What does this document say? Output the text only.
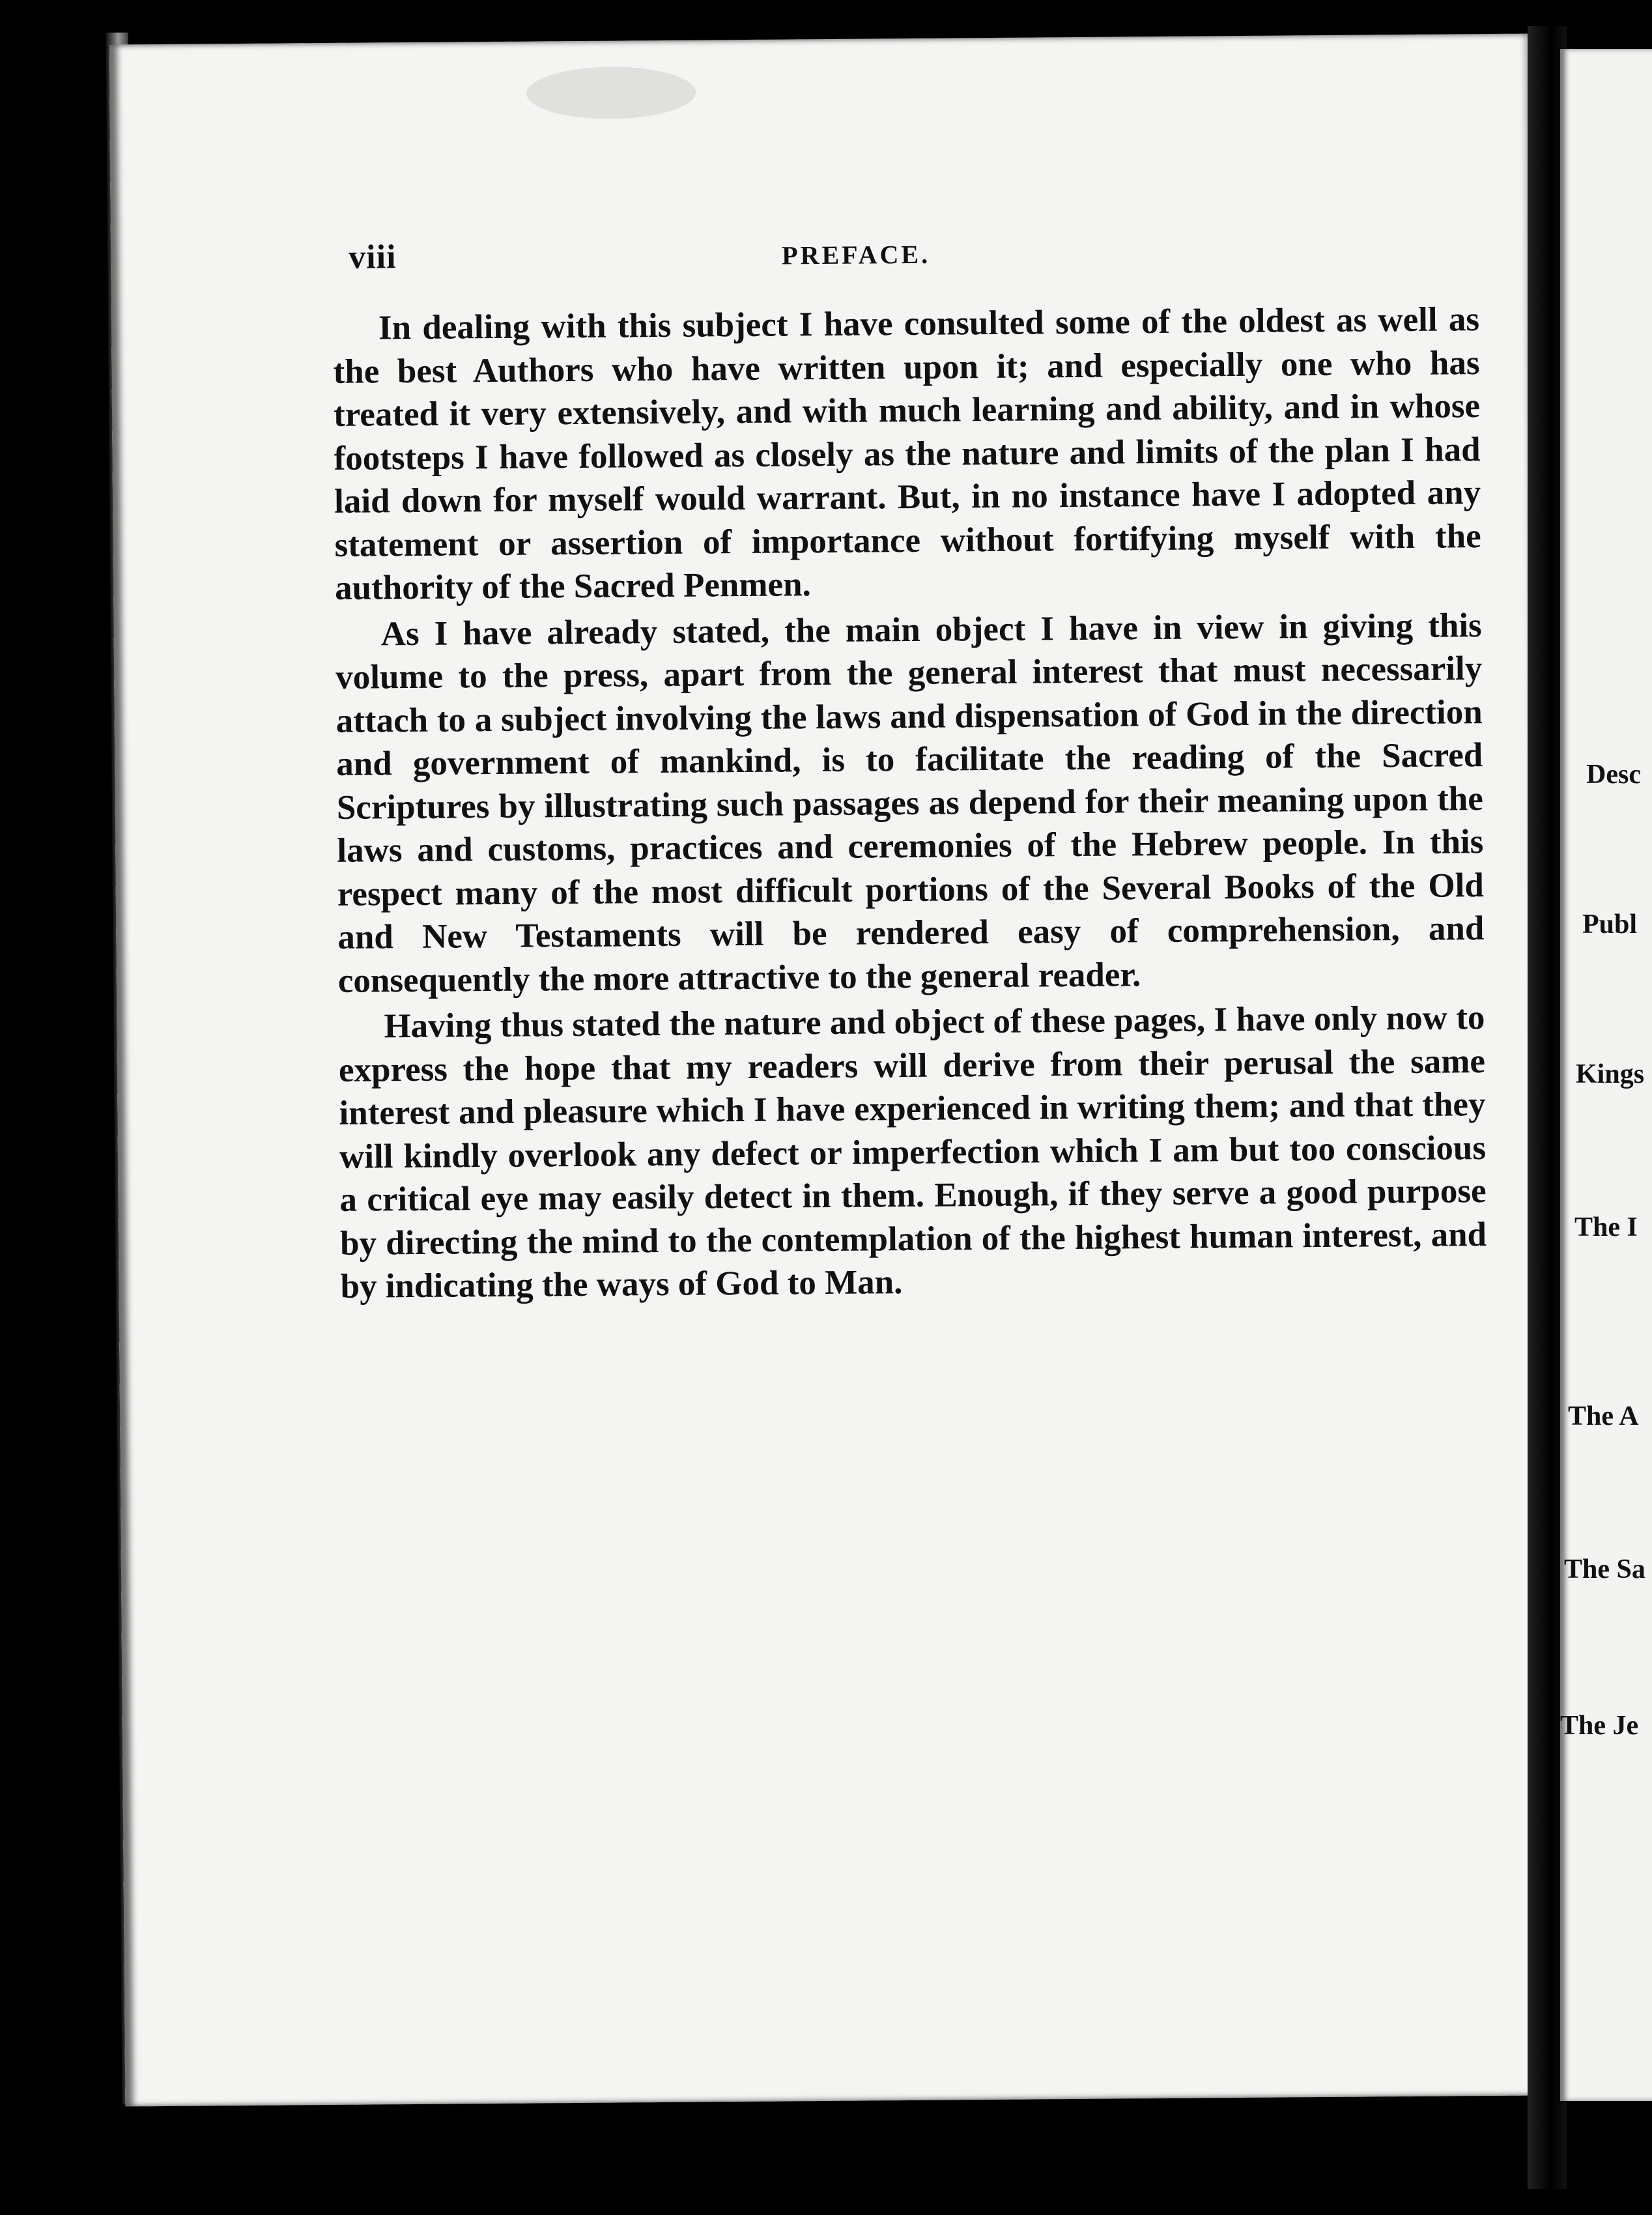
viii	PREFACE.

In dealing with this subject I have consulted some of the oldest as well as the best Authors who have written upon it; and especially one who has treated it very extensively, and with much learning and ability, and in whose footsteps I have followed as closely as the nature and limits of the plan I had laid down for myself would warrant. But, in no instance have I adopted any statement or assertion of importance without fortifying myself with the authority of the Sacred Penmen.

As I have already stated, the main object I have in view in giving this volume to the press, apart from the general interest that must necessarily attach to a subject involving the laws and dispensation of God in the direction and government of mankind, is to facilitate the reading of the Sacred Scriptures by illustrating such passages as depend for their meaning upon the laws and customs, practices and ceremonies of the Hebrew people. In this respect many of the most difficult portions of the Several Books of the Old and New Testaments will be rendered easy of comprehension, and consequently the more attractive to the general reader.

Having thus stated the nature and object of these pages, I have only now to express the hope that my readers will derive from their perusal the same interest and pleasure which I have experienced in writing them; and that they will kindly overlook any defect or imperfection which I am but too conscious a critical eye may easily detect in them. Enough, if they serve a good purpose by directing the mind to the contemplation of the highest human interest, and by indicating the ways of God to Man.

Desc
Publ
Kings
The I
The A
The Sa
The Je
